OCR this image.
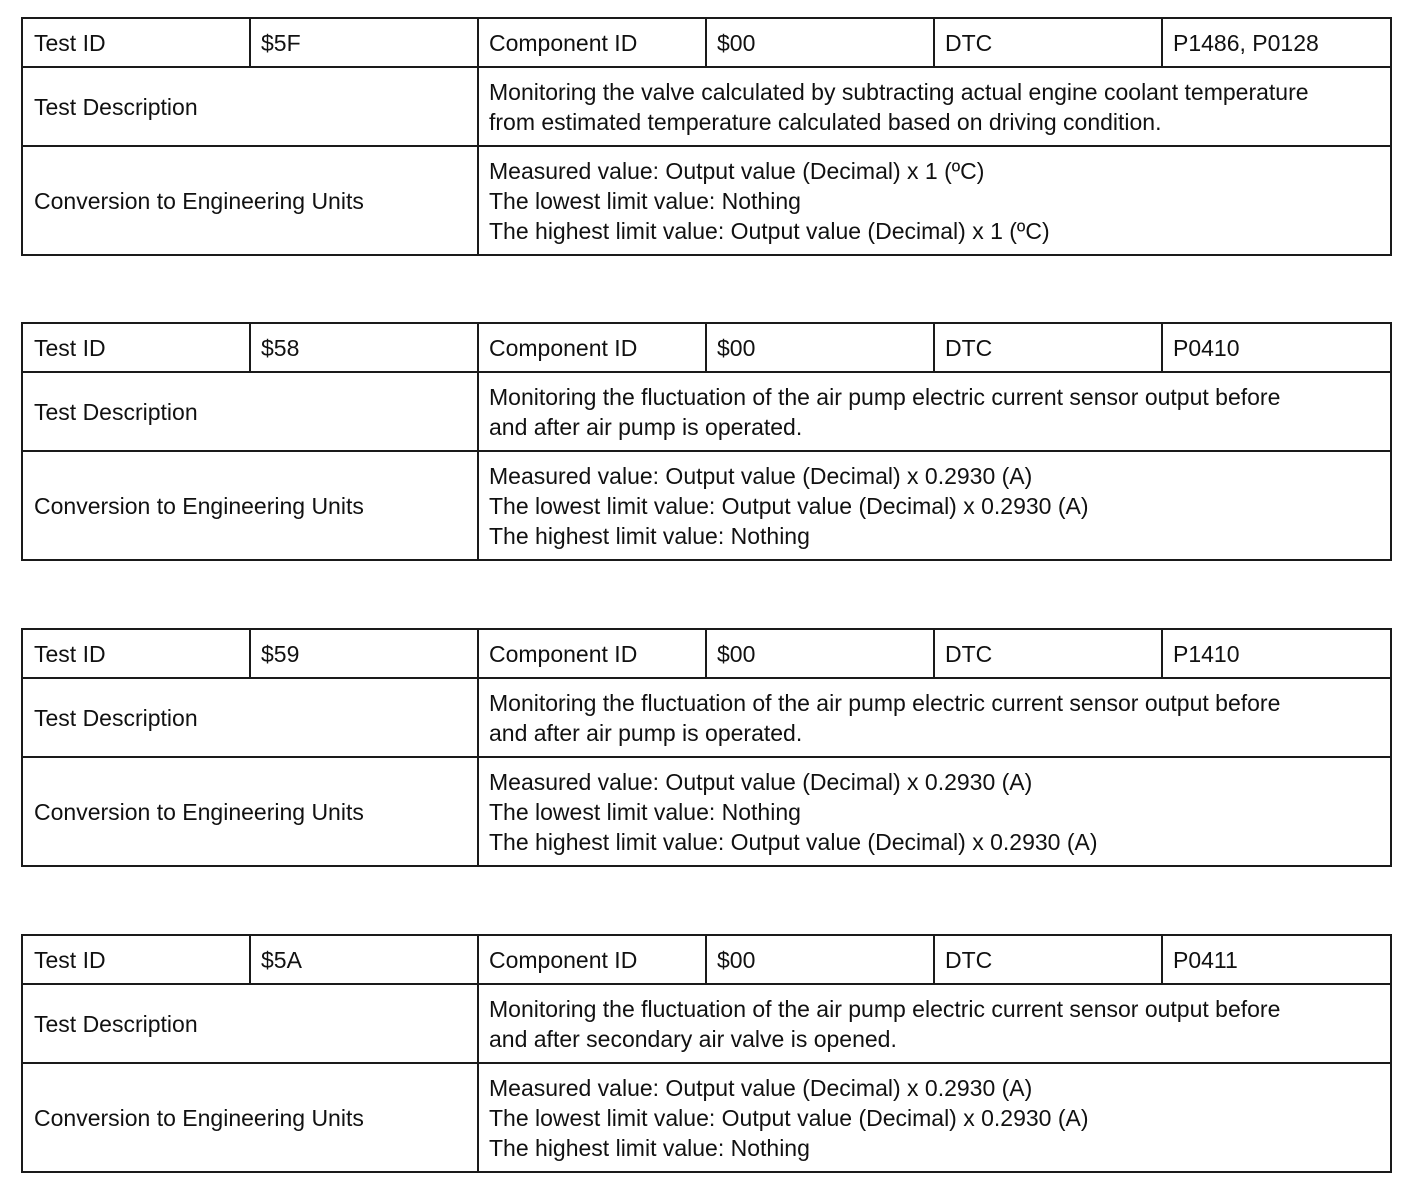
Test ID	$5F	Component ID	$00	DTC	P1486, P0128
Test Description		Monitoring the valve calculated by subtracting actual engine coolant temperature
from estimated temperature calculated based on driving condition.			

Conversion to Engineering Units		Measured value: Output value (Decimal) x 1 (ºC)
The lowest limit value: Nothing
The highest limit value: Output value (Decimal) x 1 (ºC)			
Test ID	$58	Component ID	$00	DTC	P0410
Test Description		Monitoring the fluctuation of the air pump electric current sensor output before
and after air pump is operated.			

Conversion to Engineering Units		Measured value: Output value (Decimal) x 0.2930 (A)
The lowest limit value: Output value (Decimal) x 0.2930 (A)
The highest limit value: Nothing			
Test ID	$59	Component ID	$00	DTC	P1410
Test Description		Monitoring the fluctuation of the air pump electric current sensor output before
and after air pump is operated.			

Conversion to Engineering Units		Measured value: Output value (Decimal) x 0.2930 (A)
The lowest limit value: Nothing
The highest limit value: Output value (Decimal) x 0.2930 (A)			
Test ID	$5A	Component ID	$00	DTC	P0411
Test Description		Monitoring the fluctuation of the air pump electric current sensor output before
and after secondary air valve is opened.			

Conversion to Engineering Units		Measured value: Output value (Decimal) x 0.2930 (A)
The lowest limit value: Output value (Decimal) x 0.2930 (A)
The highest limit value: Nothing			
